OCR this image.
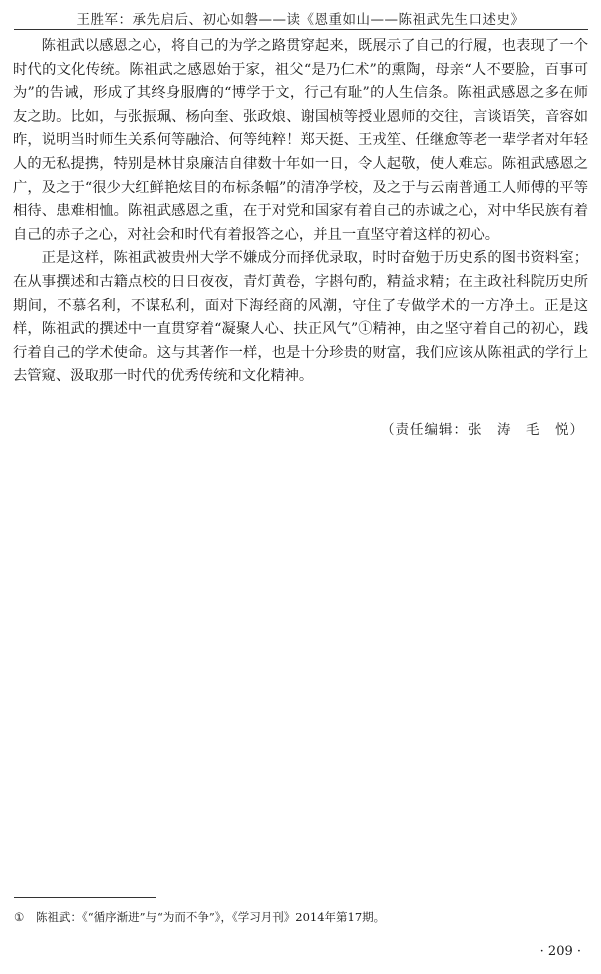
王胜军：承先启后、初心如磐——读《恩重如山——陈祖武先生口述史》

陈祖武以感恩之心，将自己的为学之路贯穿起来，既展示了自己的行履，也表现了一个时代的文化传统。陈祖武之感恩始于家，祖父“是乃仁术”的熏陶，母亲“人不要脸，百事可为”的告诫，形成了其终身服膺的“博学于文，行己有耻”的人生信条。陈祖武感恩之多在师友之助。比如，与张振珮、杨向奎、张政烺、谢国桢等授业恩师的交往，言谈语笑，音容如昨，说明当时师生关系何等融洽、何等纯粹！郑天挺、王戎笙、任继愈等老一辈学者对年轻人的无私提携，特别是林甘泉廉洁自律数十年如一日，令人起敬，使人难忘。陈祖武感恩之广，及之于“很少大红鲜艳炫目的布标条幅”的清净学校，及之于与云南普通工人师傅的平等相待、患难相恤。陈祖武感恩之重，在于对党和国家有着自己的赤诚之心，对中华民族有着自己的赤子之心，对社会和时代有着报答之心，并且一直坚守着这样的初心。

正是这样，陈祖武被贵州大学不嫌成分而择优录取，时时奋勉于历史系的图书资料室；在从事撰述和古籍点校的日日夜夜，青灯黄卷，字斟句酌，精益求精；在主政社科院历史所期间，不慕名利，不谋私利，面对下海经商的风潮，守住了专做学术的一方净土。正是这样，陈祖武的撰述中一直贯穿着“凝聚人心、扶正风气”①精神，由之坚守着自己的初心，践行着自己的学术使命。这与其著作一样，也是十分珍贵的财富，我们应该从陈祖武的学行上去管窥、汲取那一时代的优秀传统和文化精神。

（责任编辑：张　涛　毛　悦）
① 陈祖武：《“循序渐进”与“为而不争”》，《学习月刊》2014年第17期。
· 209 ·
